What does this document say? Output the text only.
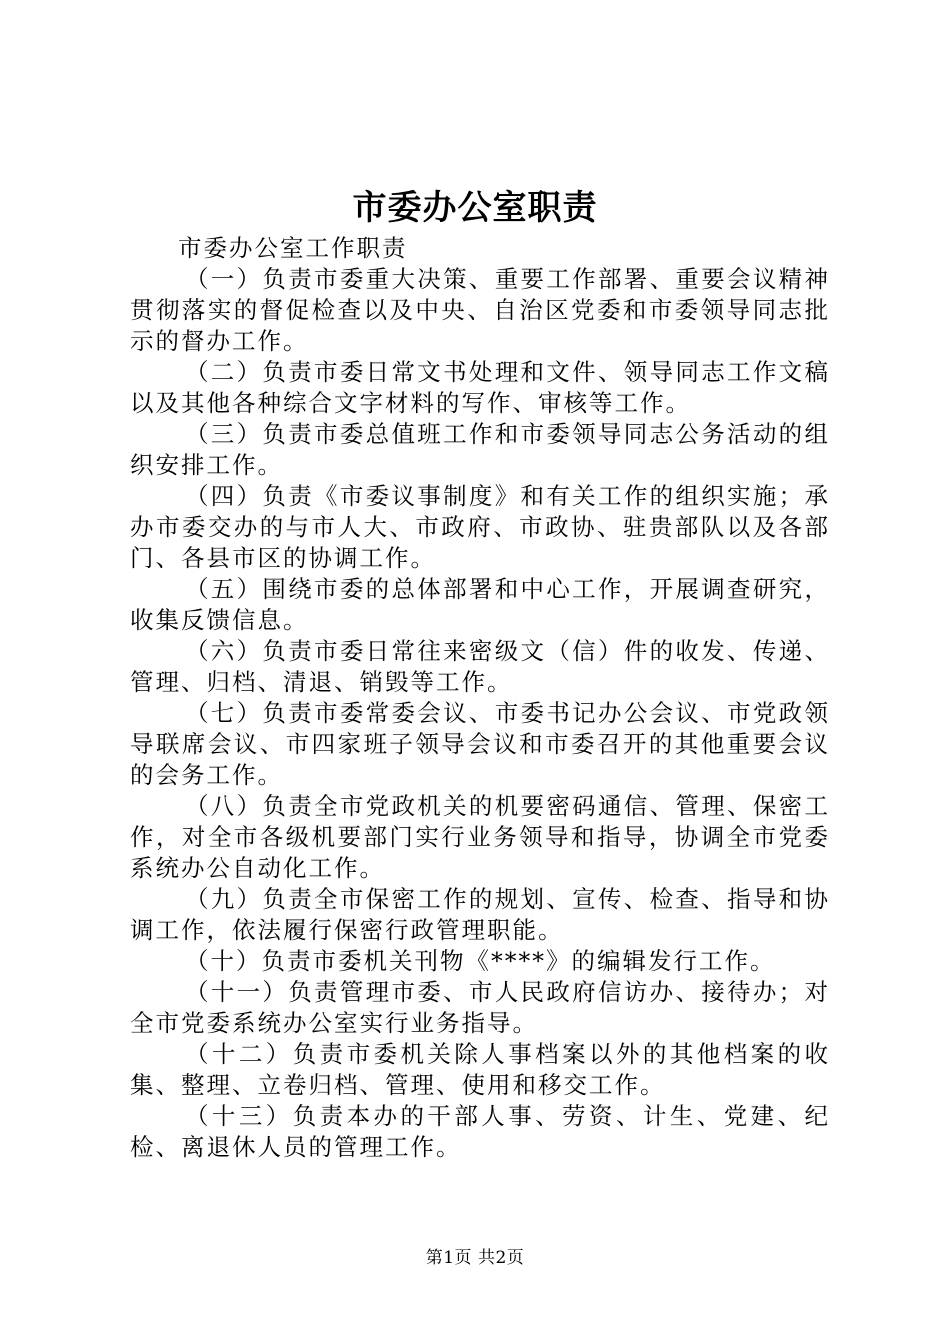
市委办公室职责

市委办公室工作职责

（一）负责市委重大决策、重要工作部署、重要会议精神贯彻落实的督促检查以及中央、自治区党委和市委领导同志批示的督办工作。

（二）负责市委日常文书处理和文件、领导同志工作文稿以及其他各种综合文字材料的写作、审核等工作。

（三）负责市委总值班工作和市委领导同志公务活动的组织安排工作。

（四）负责《市委议事制度》和有关工作的组织实施；承办市委交办的与市人大、市政府、市政协、驻贵部队以及各部门、各县市区的协调工作。

（五）围绕市委的总体部署和中心工作，开展调查研究，收集反馈信息。

（六）负责市委日常往来密级文（信）件的收发、传递、管理、归档、清退、销毁等工作。

（七）负责市委常委会议、市委书记办公会议、市党政领导联席会议、市四家班子领导会议和市委召开的其他重要会议的会务工作。

（八）负责全市党政机关的机要密码通信、管理、保密工作，对全市各级机要部门实行业务领导和指导，协调全市党委系统办公自动化工作。

（九）负责全市保密工作的规划、宣传、检查、指导和协调工作，依法履行保密行政管理职能。

（十）负责市委机关刊物《****》的编辑发行工作。

（十一）负责管理市委、市人民政府信访办、接待办；对全市党委系统办公室实行业务指导。

（十二）负责市委机关除人事档案以外的其他档案的收集、整理、立卷归档、管理、使用和移交工作。

（十三）负责本办的干部人事、劳资、计生、党建、纪检、离退休人员的管理工作。

第1页 共2页
